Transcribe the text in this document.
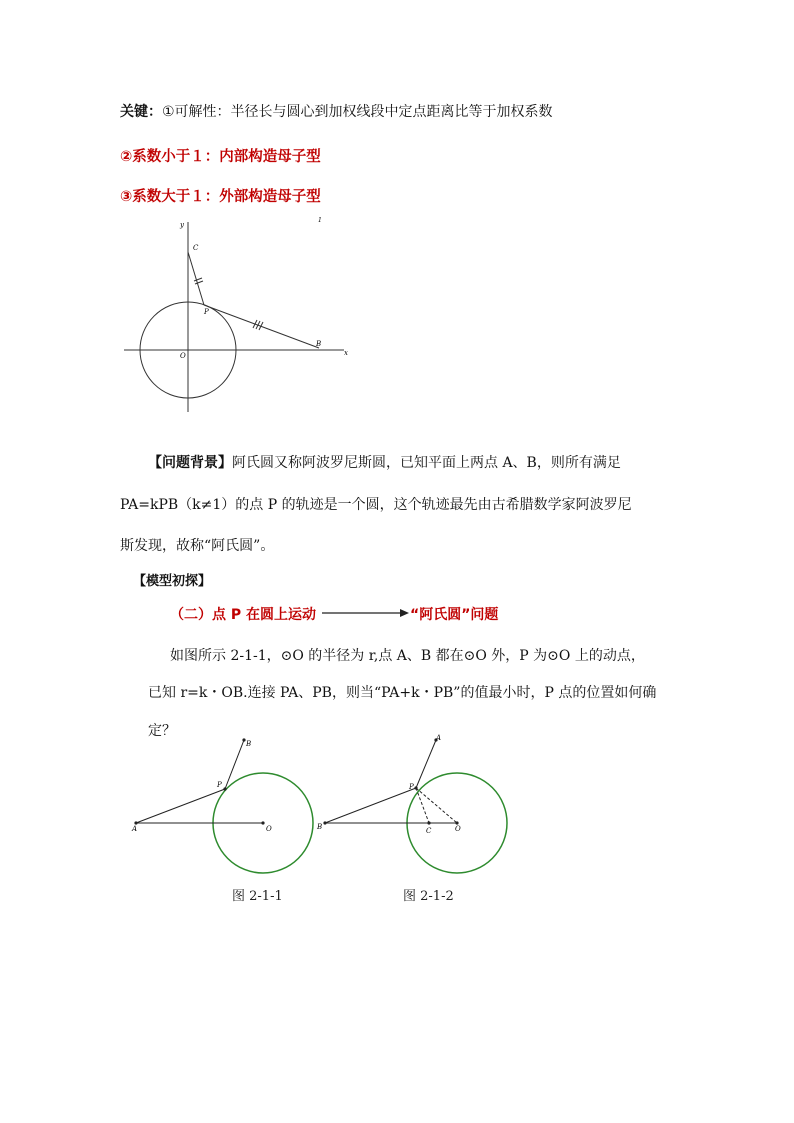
关键：①可解性：半径长与圆心到加权线段中定点距离比等于加权系数
②系数小于１：内部构造母子型
③系数大于１：外部构造母子型
y
x
C
P
B
O
1
【问题背景】阿氏圆又称阿波罗尼斯圆，已知平面上两点 A、B，则所有满足
PA=kPB（k≠1）的点 P 的轨迹是一个圆，这个轨迹最先由古希腊数学家阿波罗尼
斯发现，故称“阿氏圆”。
【模型初探】
（二）点 P 在圆上运动	“阿氏圆”问题
如图所示 2-1-1，⊙O 的半径为 r,点 A、B 都在⊙O 外，P 为⊙O 上的动点，
已知 r=k・OB.连接 PA、PB，则当“PA+k・PB”的值最小时，P 点的位置如何确
定？
B
P
A	O
图 2-1-1
A
P
B	C	O
图 2-1-2
